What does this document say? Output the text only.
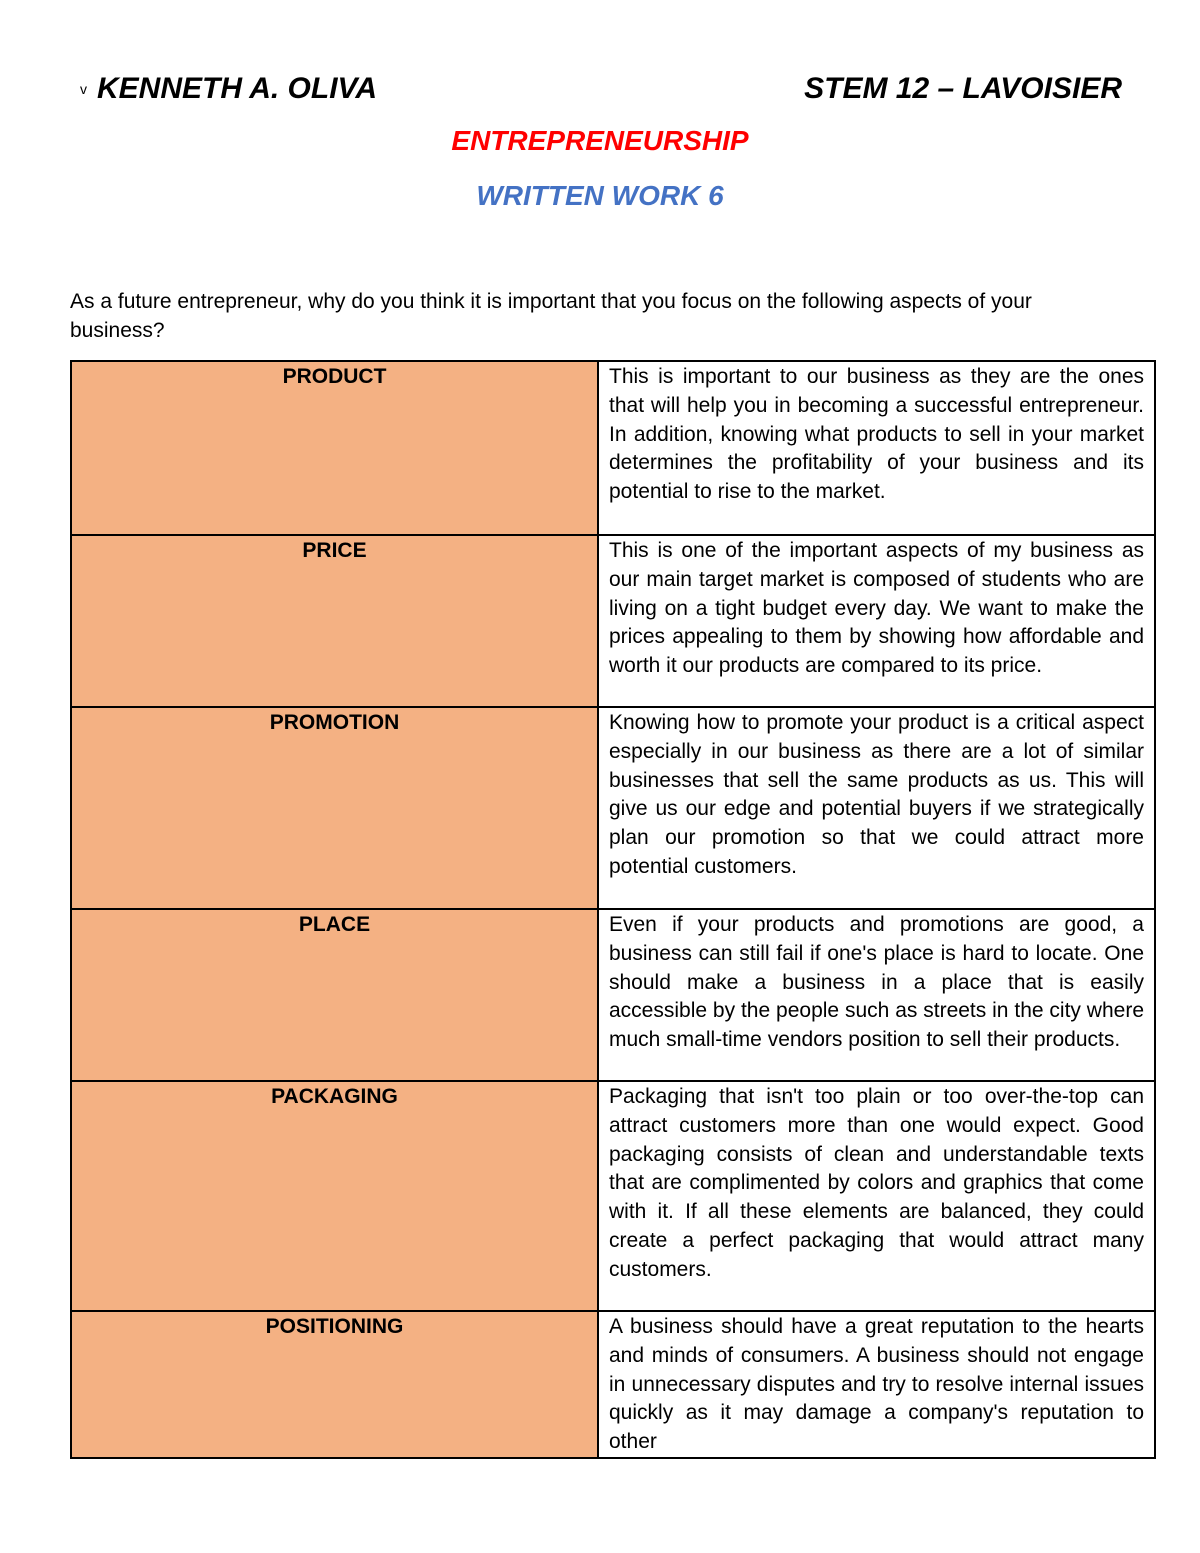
v KENNETH A. OLIVA	STEM 12 – LAVOISIER
ENTREPRENEURSHIP
WRITTEN WORK 6
As a future entrepreneur, why do you think it is important that you focus on the following aspects of your business?
PRODUCT	This is important to our business as they are the ones that will help you in becoming a successful entrepreneur. In addition, knowing what products to sell in your market determines the profitability of your business and its potential to rise to the market.
PRICE	This is one of the important aspects of my business as our main target market is composed of students who are living on a tight budget every day. We want to make the prices appealing to them by showing how affordable and worth it our products are compared to its price.
PROMOTION	Knowing how to promote your product is a critical aspect especially in our business as there are a lot of similar businesses that sell the same products as us. This will give us our edge and potential buyers if we strategically plan our promotion so that we could attract more potential customers.
PLACE	Even if your products and promotions are good, a business can still fail if one's place is hard to locate. One should make a business in a place that is easily accessible by the people such as streets in the city where much small-time vendors position to sell their products.
PACKAGING	Packaging that isn't too plain or too over-the-top can attract customers more than one would expect. Good packaging consists of clean and understandable texts that are complimented by colors and graphics that come with it. If all these elements are balanced, they could create a perfect packaging that would attract many customers.
POSITIONING	A business should have a great reputation to the hearts and minds of consumers. A business should not engage in unnecessary disputes and try to resolve internal issues quickly as it may damage a company's reputation to other
